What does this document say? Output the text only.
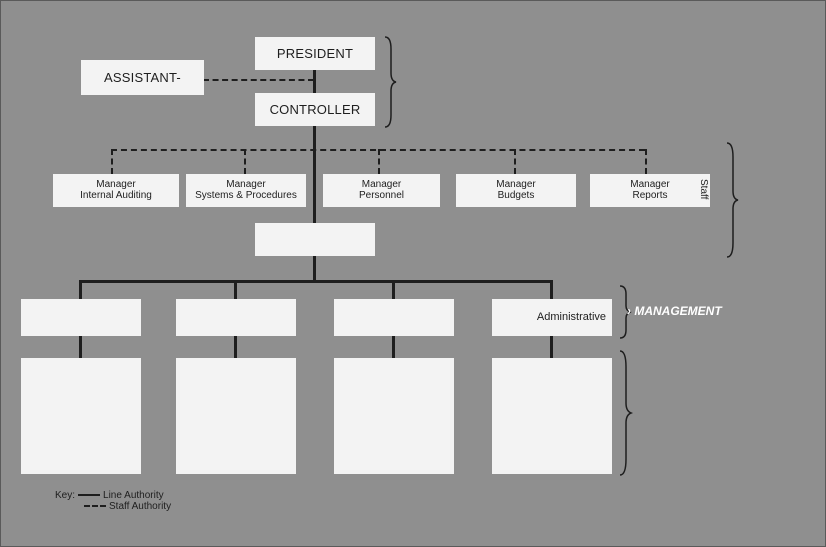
PRESIDENT
ASSISTANT-
CONTROLLER
Manager
Internal Auditing
Manager
Systems & Procedures
Manager
Personnel
Manager
Budgets
Manager
Reports
Administrative › MANAGEMENT
Staff
Key:	Line Authority
Staff Authority
